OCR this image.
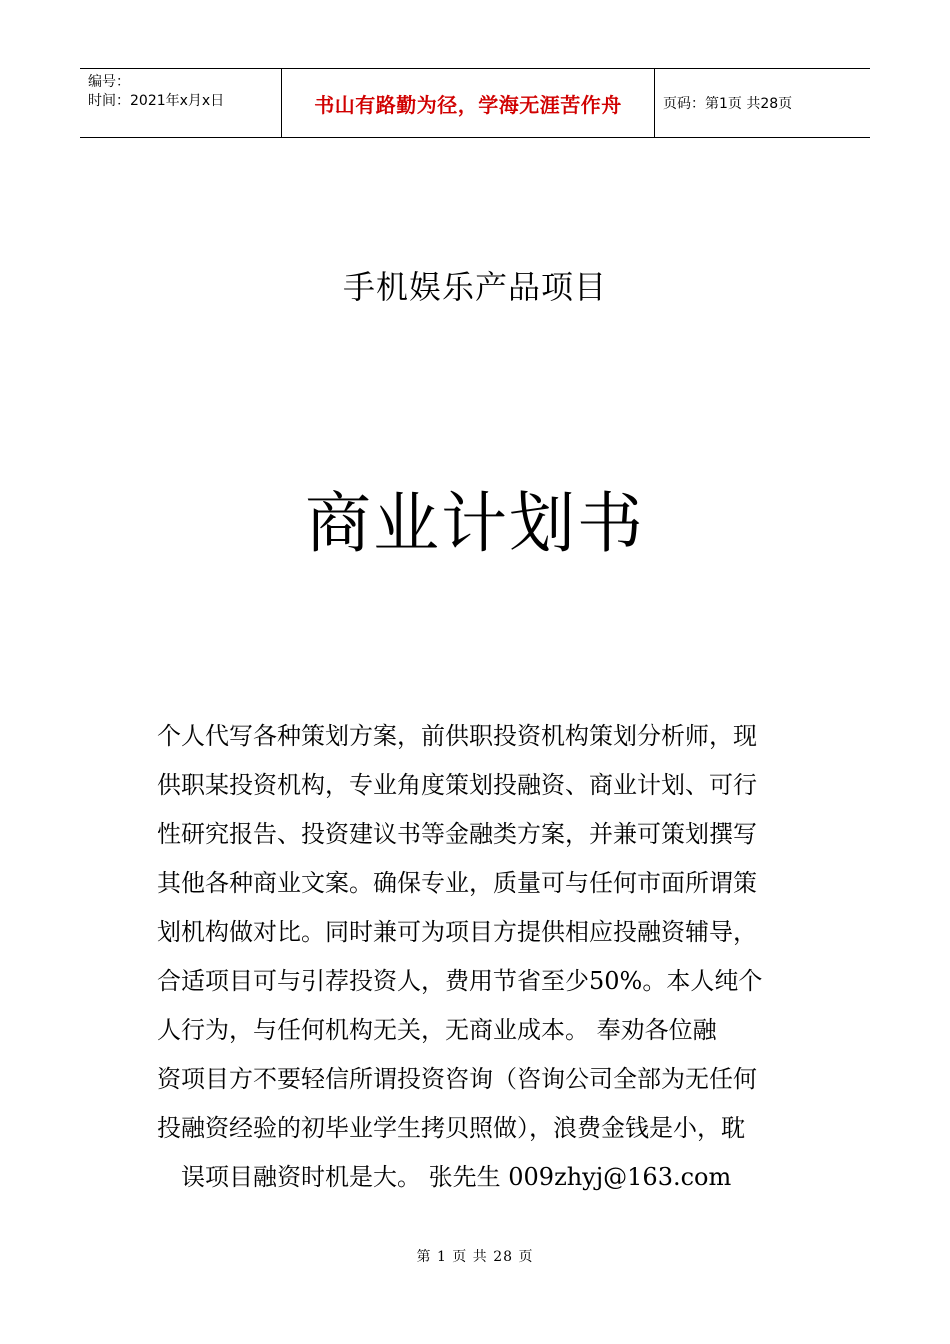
编号：
时间：2021年x月x日	书山有路勤为径，学海无涯苦作舟	页码：第1页 共28页
手机娱乐产品项目
商业计划书
个人代写各种策划方案，前供职投资机构策划分析师，现
供职某投资机构，专业角度策划投融资、商业计划、可行
性研究报告、投资建议书等金融类方案，并兼可策划撰写
其他各种商业文案。确保专业，质量可与任何市面所谓策
划机构做对比。同时兼可为项目方提供相应投融资辅导，
合适项目可与引荐投资人，费用节省至少50%。本人纯个
人行为，与任何机构无关，无商业成本。 奉劝各位融
资项目方不要轻信所谓投资咨询（咨询公司全部为无任何
投融资经验的初毕业学生拷贝照做），浪费金钱是小，耽
误项目融资时机是大。 张先生 009zhyj@163.com
第 1 页 共 28 页
